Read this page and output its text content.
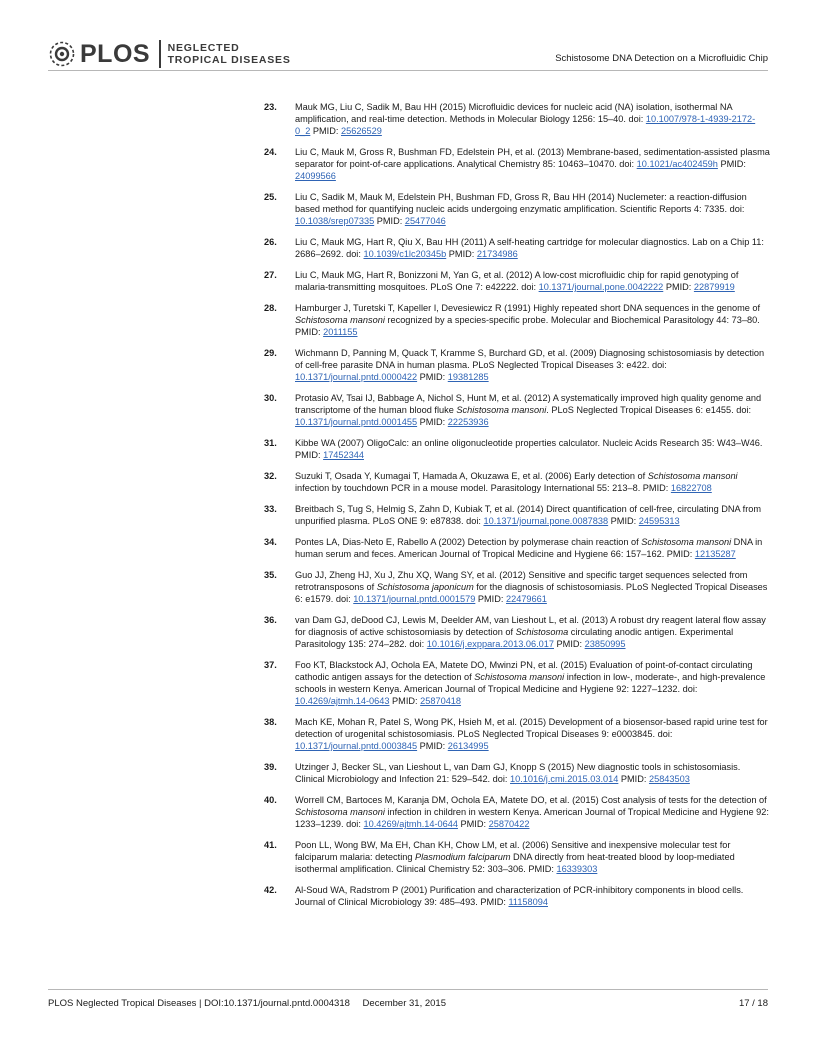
PLOS NEGLECTED
TROPICAL DISEASES	Schistosome DNA Detection on a Microfluidic Chip
23.	Mauk MG, Liu C, Sadik M, Bau HH (2015) Microfluidic devices for nucleic acid (NA) isolation, isothermal NA amplification, and real-time detection. Methods in Molecular Biology 1256: 15–40. doi: 10.1007/978-1-4939-2172-0_2 PMID: 25626529
24.	Liu C, Mauk M, Gross R, Bushman FD, Edelstein PH, et al. (2013) Membrane-based, sedimentation-assisted plasma separator for point-of-care applications. Analytical Chemistry 85: 10463–10470. doi: 10.1021/ac402459h PMID: 24099566
25.	Liu C, Sadik M, Mauk M, Edelstein PH, Bushman FD, Gross R, Bau HH (2014) Nuclemeter: a reaction-diffusion based method for quantifying nucleic acids undergoing enzymatic amplification. Scientific Reports 4: 7335. doi: 10.1038/srep07335 PMID: 25477046
26.	Liu C, Mauk MG, Hart R, Qiu X, Bau HH (2011) A self-heating cartridge for molecular diagnostics. Lab on a Chip 11: 2686–2692. doi: 10.1039/c1lc20345b PMID: 21734986
27.	Liu C, Mauk MG, Hart R, Bonizzoni M, Yan G, et al. (2012) A low-cost microfluidic chip for rapid genotyping of malaria-transmitting mosquitoes. PLoS One 7: e42222. doi: 10.1371/journal.pone.0042222 PMID: 22879919
28.	Hamburger J, Turetski T, Kapeller I, Devesiewicz R (1991) Highly repeated short DNA sequences in the genome of Schistosoma mansoni recognized by a species-specific probe. Molecular and Biochemical Parasitology 44: 73–80. PMID: 2011155
29.	Wichmann D, Panning M, Quack T, Kramme S, Burchard GD, et al. (2009) Diagnosing schistosomiasis by detection of cell-free parasite DNA in human plasma. PLoS Neglected Tropical Diseases 3: e422. doi: 10.1371/journal.pntd.0000422 PMID: 19381285
30.	Protasio AV, Tsai IJ, Babbage A, Nichol S, Hunt M, et al. (2012) A systematically improved high quality genome and transcriptome of the human blood fluke Schistosoma mansoni. PLoS Neglected Tropical Diseases 6: e1455. doi: 10.1371/journal.pntd.0001455 PMID: 22253936
31.	Kibbe WA (2007) OligoCalc: an online oligonucleotide properties calculator. Nucleic Acids Research 35: W43–W46. PMID: 17452344
32.	Suzuki T, Osada Y, Kumagai T, Hamada A, Okuzawa E, et al. (2006) Early detection of Schistosoma mansoni infection by touchdown PCR in a mouse model. Parasitology International 55: 213–8. PMID: 16822708
33.	Breitbach S, Tug S, Helmig S, Zahn D, Kubiak T, et al. (2014) Direct quantification of cell-free, circulating DNA from unpurified plasma. PLoS ONE 9: e87838. doi: 10.1371/journal.pone.0087838 PMID: 24595313
34.	Pontes LA, Dias-Neto E, Rabello A (2002) Detection by polymerase chain reaction of Schistosoma mansoni DNA in human serum and feces. American Journal of Tropical Medicine and Hygiene 66: 157–162. PMID: 12135287
35.	Guo JJ, Zheng HJ, Xu J, Zhu XQ, Wang SY, et al. (2012) Sensitive and specific target sequences selected from retrotransposons of Schistosoma japonicum for the diagnosis of schistosomiasis. PLoS Neglected Tropical Diseases 6: e1579. doi: 10.1371/journal.pntd.0001579 PMID: 22479661
36.	van Dam GJ, deDood CJ, Lewis M, Deelder AM, van Lieshout L, et al. (2013) A robust dry reagent lateral flow assay for diagnosis of active schistosomiasis by detection of Schistosoma circulating anodic antigen. Experimental Parasitology 135: 274–282. doi: 10.1016/j.exppara.2013.06.017 PMID: 23850995
37.	Foo KT, Blackstock AJ, Ochola EA, Matete DO, Mwinzi PN, et al. (2015) Evaluation of point-of-contact circulating cathodic antigen assays for the detection of Schistosoma mansoni infection in low-, moderate-, and high-prevalence schools in western Kenya. American Journal of Tropical Medicine and Hygiene 92: 1227–1232. doi: 10.4269/ajtmh.14-0643 PMID: 25870418
38.	Mach KE, Mohan R, Patel S, Wong PK, Hsieh M, et al. (2015) Development of a biosensor-based rapid urine test for detection of urogenital schistosomiasis. PLoS Neglected Tropical Diseases 9: e0003845. doi: 10.1371/journal.pntd.0003845 PMID: 26134995
39.	Utzinger J, Becker SL, van Lieshout L, van Dam GJ, Knopp S (2015) New diagnostic tools in schistosomiasis. Clinical Microbiology and Infection 21: 529–542. doi: 10.1016/j.cmi.2015.03.014 PMID: 25843503
40.	Worrell CM, Bartoces M, Karanja DM, Ochola EA, Matete DO, et al. (2015) Cost analysis of tests for the detection of Schistosoma mansoni infection in children in western Kenya. American Journal of Tropical Medicine and Hygiene 92: 1233–1239. doi: 10.4269/ajtmh.14-0644 PMID: 25870422
41.	Poon LL, Wong BW, Ma EH, Chan KH, Chow LM, et al. (2006) Sensitive and inexpensive molecular test for falciparum malaria: detecting Plasmodium falciparum DNA directly from heat-treated blood by loop-mediated isothermal amplification. Clinical Chemistry 52: 303–306. PMID: 16339303
42.	Al-Soud WA, Radstrom P (2001) Purification and characterization of PCR-inhibitory components in blood cells. Journal of Clinical Microbiology 39: 485–493. PMID: 11158094
PLOS Neglected Tropical Diseases | DOI:10.1371/journal.pntd.0004318 December 31, 2015	17 / 18
